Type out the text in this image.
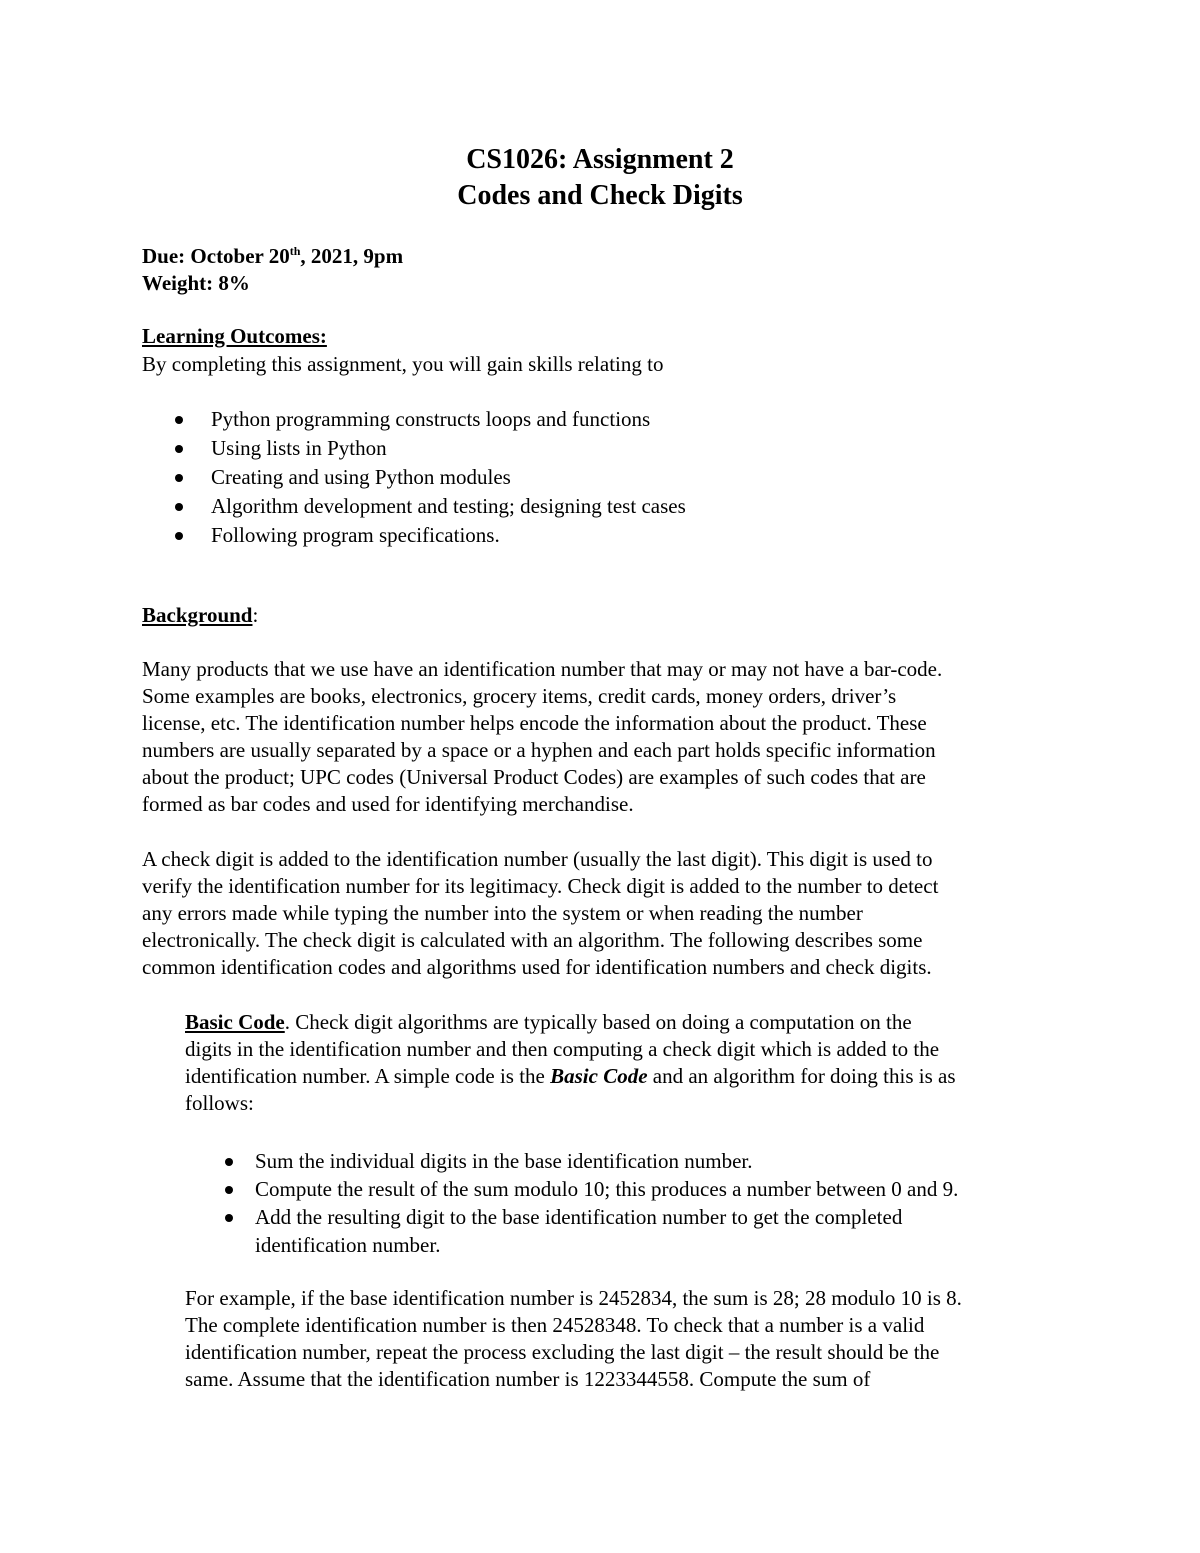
CS1026: Assignment 2
Codes and Check Digits
Due: October 20th, 2021, 9pm
Weight: 8%
Learning Outcomes:
By completing this assignment, you will gain skills relating to
Python programming constructs loops and functions
Using lists in Python
Creating and using Python modules
Algorithm development and testing; designing test cases
Following program specifications.
Background:

Many products that we use have an identification number that may or may not have a bar-code.
Some examples are books, electronics, grocery items, credit cards, money orders, driver’s
license, etc. The identification number helps encode the information about the product. These
numbers are usually separated by a space or a hyphen and each part holds specific information
about the product; UPC codes (Universal Product Codes) are examples of such codes that are
formed as bar codes and used for identifying merchandise.

A check digit is added to the identification number (usually the last digit). This digit is used to
verify the identification number for its legitimacy. Check digit is added to the number to detect
any errors made while typing the number into the system or when reading the number
electronically. The check digit is calculated with an algorithm. The following describes some
common identification codes and algorithms used for identification numbers and check digits.

Basic Code. Check digit algorithms are typically based on doing a computation on the
digits in the identification number and then computing a check digit which is added to the
identification number. A simple code is the Basic Code and an algorithm for doing this is as
follows:

Sum the individual digits in the base identification number.
Compute the result of the sum modulo 10; this produces a number between 0 and 9.
Add the resulting digit to the base identification number to get the completed
identification number.

For example, if the base identification number is 2452834, the sum is 28; 28 modulo 10 is 8.
The complete identification number is then 24528348. To check that a number is a valid
identification number, repeat the process excluding the last digit – the result should be the
same. Assume that the identification number is 1223344558. Compute the sum of
